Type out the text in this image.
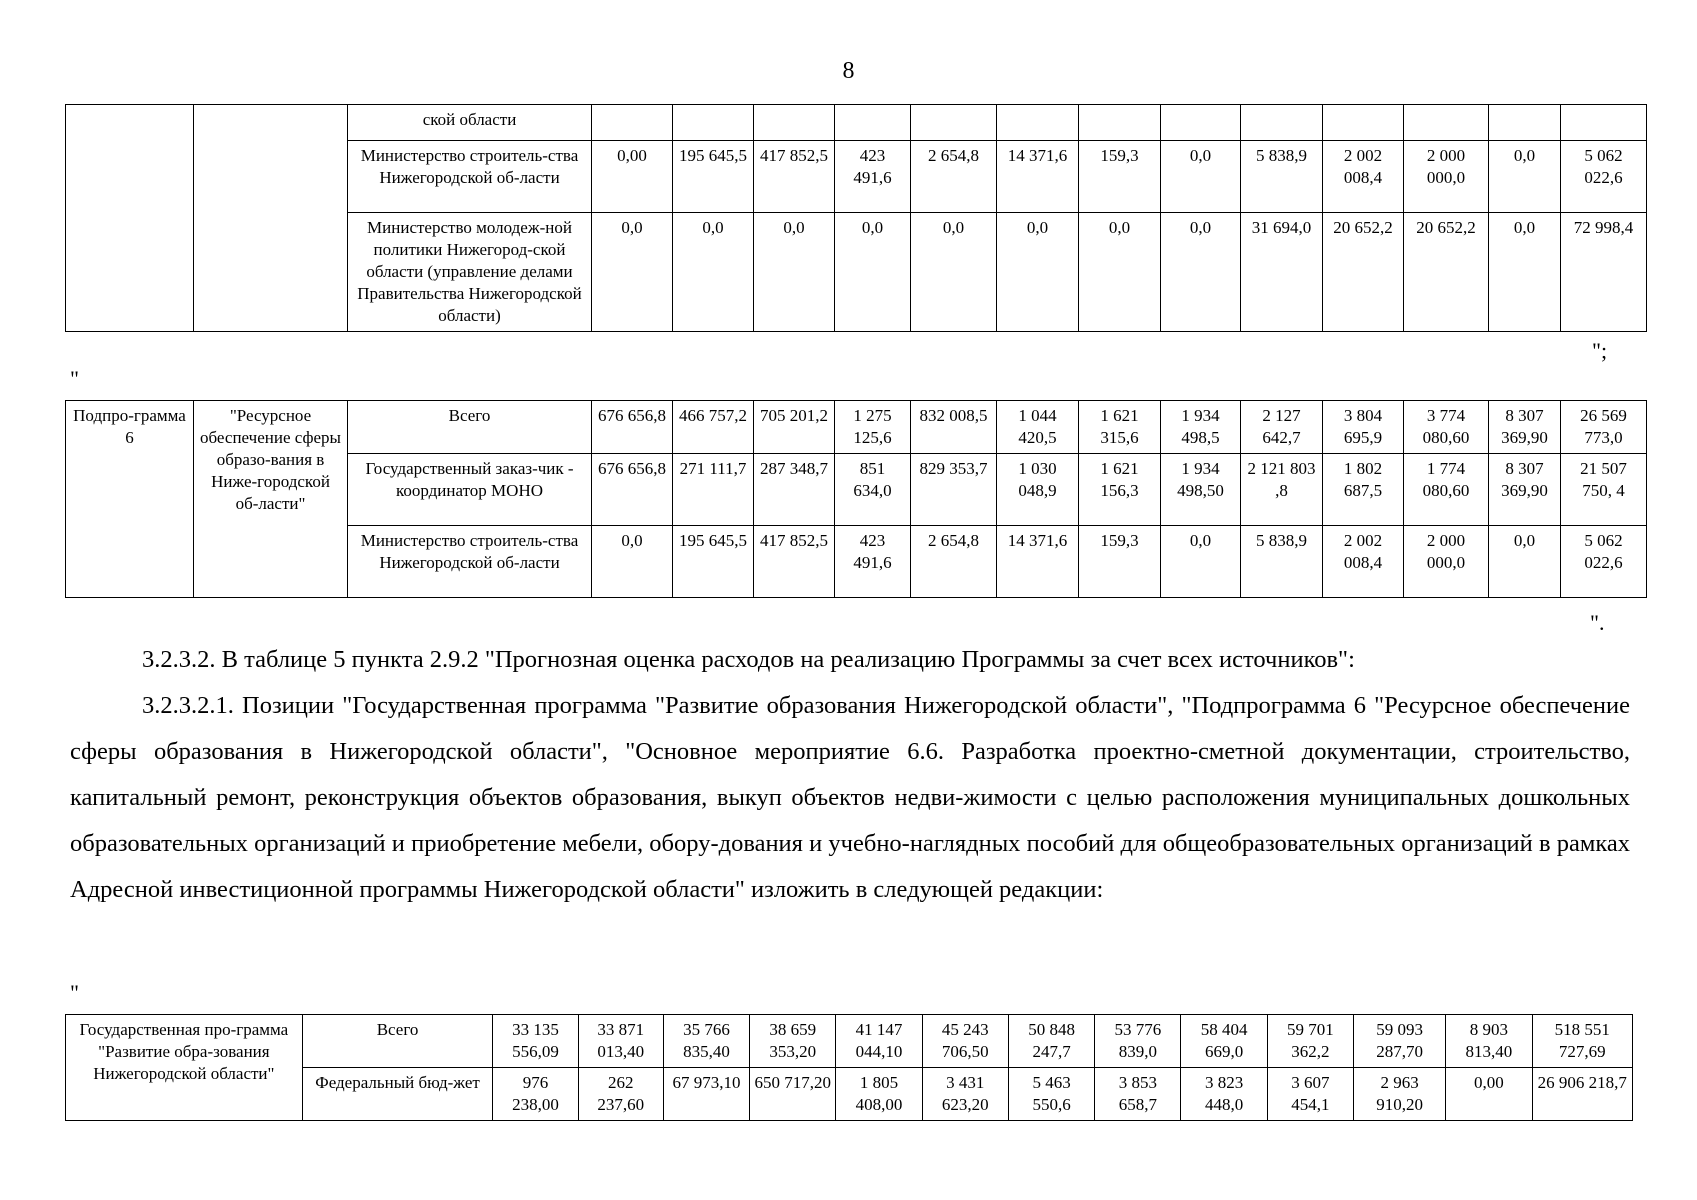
8
		ской области													
		Министерство строитель-ства Нижегородской об-ласти	0,00	195 645,5	417 852,5	423 491,6	2 654,8	14 371,6	159,3	0,0	5 838,9	2 002 008,4	2 000 000,0	0,0	5 062 022,6
		Министерство молодеж-ной политики Нижегород-ской области (управление делами Правительства Нижегородской области)	0,0	0,0	0,0	0,0	0,0	0,0	0,0	0,0	31 694,0	20 652,2	20 652,2	0,0	72 998,4
";
"
Подпро-грамма 6	"Ресурсное обеспечение сферы образо-вания в Ниже-городской об-ласти"	Всего	676 656,8	466 757,2	705 201,2	1 275 125,6	832 008,5	1 044 420,5	1 621 315,6	1 934 498,5	2 127 642,7	3 804 695,9	3 774 080,60	8 307 369,90	26 569 773,0
		Государственный заказ-чик - координатор МОНО	676 656,8	271 111,7	287 348,7	851 634,0	829 353,7	1 030 048,9	1 621 156,3	1 934 498,50	2 121 803 ,8	1 802 687,5	1 774 080,60	8 307 369,90	21 507 750, 4
		Министерство строитель-ства Нижегородской об-ласти	0,0	195 645,5	417 852,5	423 491,6	2 654,8	14 371,6	159,3	0,0	5 838,9	2 002 008,4	2 000 000,0	0,0	5 062 022,6
".
3.2.3.2. В таблице 5 пункта 2.9.2 "Прогнозная оценка расходов на реализацию Программы за счет всех источников":
3.2.3.2.1. Позиции "Государственная программа "Развитие образования Нижегородской области", "Подпрограмма 6 "Ресурсное обеспечение сферы образования в Нижегородской области", "Основное мероприятие 6.6. Разработка проектно-сметной документации, строительство, капитальный ремонт, реконструкция объектов образования, выкуп объектов недви-жимости с целью расположения муниципальных дошкольных образовательных организаций и приобретение мебели, обору-дования и учебно-наглядных пособий для общеобразовательных организаций в рамках Адресной инвестиционной программы Нижегородской области" изложить в следующей редакции:
"
Государственная про-грамма "Развитие обра-зования Нижегородской области"	Всего	33 135 556,09	33 871 013,40	35 766 835,40	38 659 353,20	41 147 044,10	45 243 706,50	50 848 247,7	53 776 839,0	58 404 669,0	59 701 362,2	59 093 287,70	8 903 813,40	518 551 727,69
	Федеральный бюд-жет	976 238,00	262 237,60	67 973,10	650 717,20	1 805 408,00	3 431 623,20	5 463 550,6	3 853 658,7	3 823 448,0	3 607 454,1	2 963 910,20	0,00	26 906 218,7
